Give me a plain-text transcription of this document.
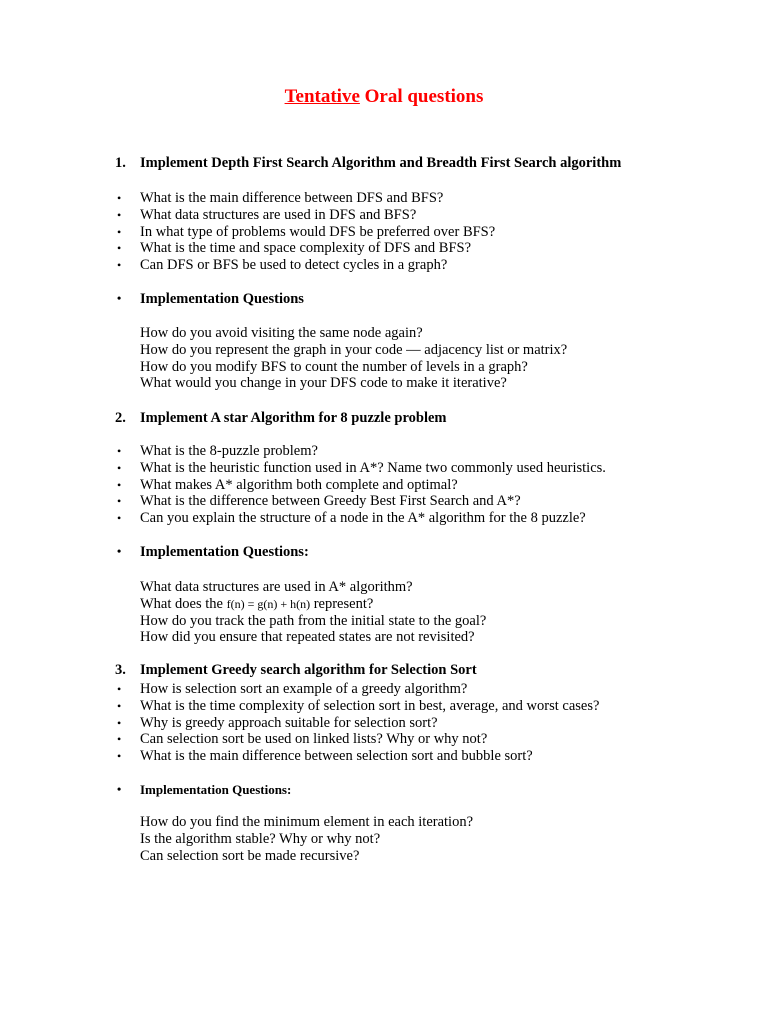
Tentative Oral questions

1. Implement Depth First Search Algorithm and Breadth First Search algorithm

• What is the main difference between DFS and BFS?
• What data structures are used in DFS and BFS?
• In what type of problems would DFS be preferred over BFS?
• What is the time and space complexity of DFS and BFS?
• Can DFS or BFS be used to detect cycles in a graph?

• Implementation Questions

How do you avoid visiting the same node again?
How do you represent the graph in your code — adjacency list or matrix?
How do you modify BFS to count the number of levels in a graph?
What would you change in your DFS code to make it iterative?

2. Implement A star Algorithm for 8 puzzle problem

• What is the 8-puzzle problem?
• What is the heuristic function used in A*? Name two commonly used heuristics.
• What makes A* algorithm both complete and optimal?
• What is the difference between Greedy Best First Search and A*?
• Can you explain the structure of a node in the A* algorithm for the 8 puzzle?

• Implementation Questions:

What data structures are used in A* algorithm?
What does the f(n) = g(n) + h(n) represent?
How do you track the path from the initial state to the goal?
How did you ensure that repeated states are not revisited?

3. Implement Greedy search algorithm for Selection Sort

• How is selection sort an example of a greedy algorithm?
• What is the time complexity of selection sort in best, average, and worst cases?
• Why is greedy approach suitable for selection sort?
• Can selection sort be used on linked lists? Why or why not?
• What is the main difference between selection sort and bubble sort?

• Implementation Questions:

How do you find the minimum element in each iteration?
Is the algorithm stable? Why or why not?
Can selection sort be made recursive?
